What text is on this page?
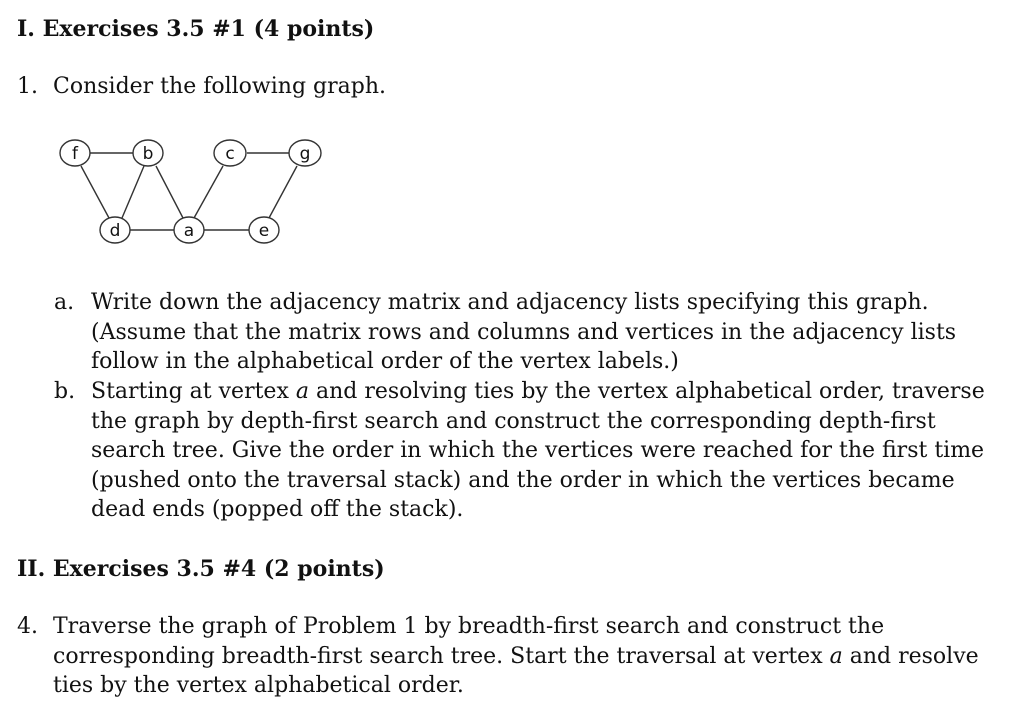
I. Exercises 3.5 #1 (4 points)
1. Consider the following graph.
f	b	c	g
d	a	e
a. Write down the adjacency matrix and adjacency lists specifying this graph. (Assume that the matrix rows and columns and vertices in the adjacency lists follow in the alphabetical order of the vertex labels.)
b. Starting at vertex a and resolving ties by the vertex alphabetical order, traverse the graph by depth-first search and construct the corresponding depth-first search tree. Give the order in which the vertices were reached for the first time (pushed onto the traversal stack) and the order in which the vertices became dead ends (popped off the stack).
II. Exercises 3.5 #4 (2 points)
4. Traverse the graph of Problem 1 by breadth-first search and construct the corresponding breadth-first search tree. Start the traversal at vertex a and resolve ties by the vertex alphabetical order.
